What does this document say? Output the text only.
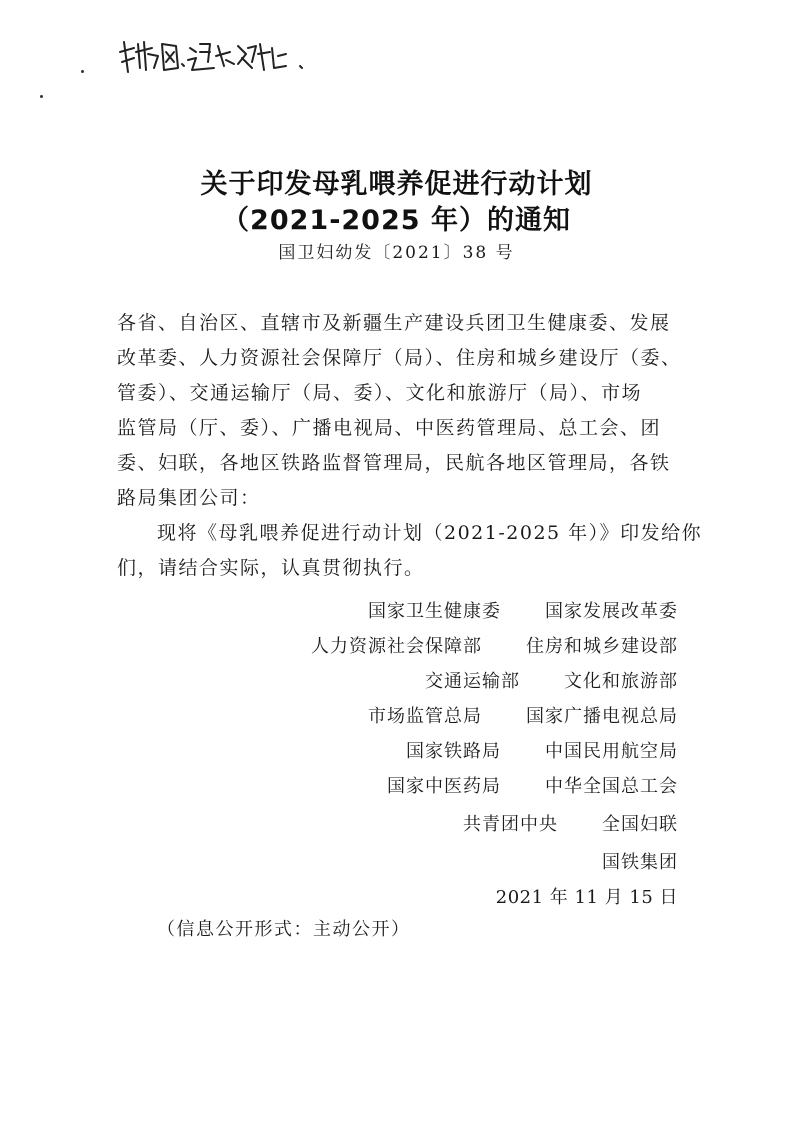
关于印发母乳喂养促进行动计划
（2021-2025 年）的通知
国卫妇幼发〔2021〕38 号
各省、自治区、直辖市及新疆生产建设兵团卫生健康委、发展
改革委、人力资源社会保障厅（局）、住房和城乡建设厅（委、
管委）、交通运输厅（局、委）、文化和旅游厅（局）、市场
监管局（厅、委）、广播电视局、中医药管理局、总工会、团
委、妇联，各地区铁路监督管理局，民航各地区管理局，各铁
路局集团公司：
现将《母乳喂养促进行动计划（2021-2025 年）》印发给你
们，请结合实际，认真贯彻执行。
国家卫生健康委 国家发展改革委
人力资源社会保障部 住房和城乡建设部
交通运输部 文化和旅游部
市场监管总局 国家广播电视总局
国家铁路局 中国民用航空局
国家中医药局 中华全国总工会
共青团中央 全国妇联
国铁集团
2021 年 11 月 15 日
（信息公开形式：主动公开）
